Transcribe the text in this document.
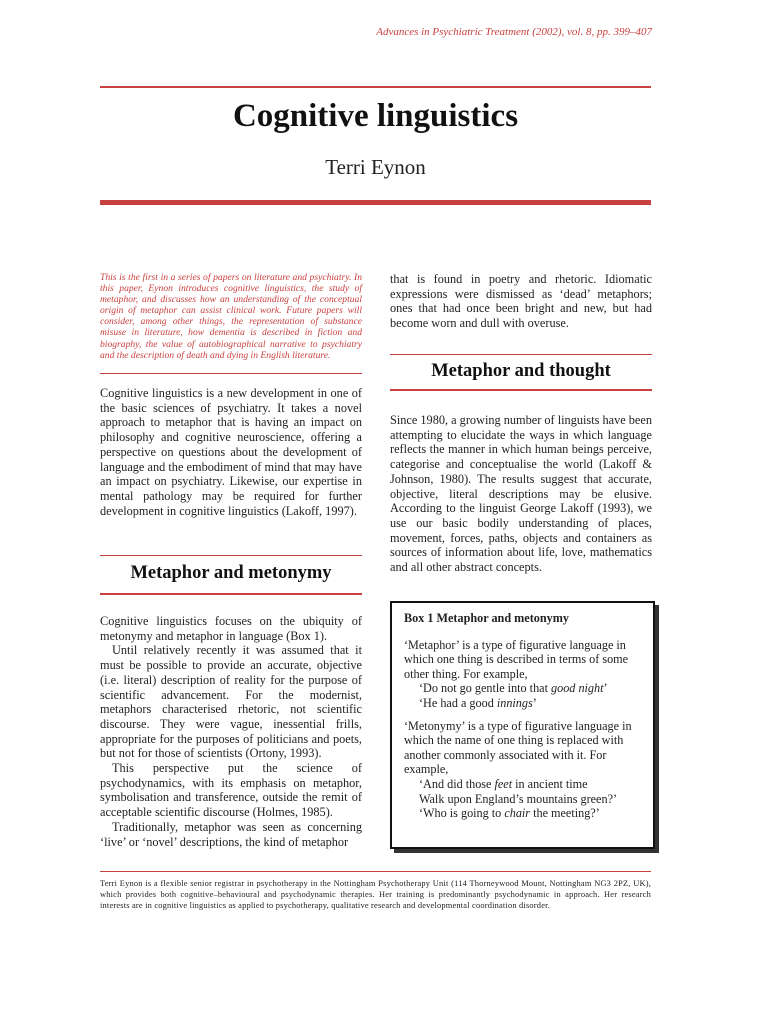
Advances in Psychiatric Treatment (2002), vol. 8, pp. 399–407
Cognitive linguistics
Terri Eynon
This is the first in a series of papers on literature and psychiatry. In this paper, Eynon introduces cognitive linguistics, the study of metaphor, and discusses how an understanding of the conceptual origin of metaphor can assist clinical work. Future papers will consider, among other things, the representation of substance misuse in literature, how dementia is described in fiction and biography, the value of autobiographical narrative to psychiatry and the description of death and dying in English literature.

Cognitive linguistics is a new development in one of the basic sciences of psychiatry. It takes a novel approach to metaphor that is having an impact on philosophy and cognitive neuroscience, offering a perspective on questions about the development of language and the embodiment of mind that may have an impact on psychiatry. Likewise, our expertise in mental pathology may be required for further development in cognitive linguistics (Lakoff, 1997).

Metaphor and metonymy

Cognitive linguistics focuses on the ubiquity of metonymy and metaphor in language (Box 1).

Until relatively recently it was assumed that it must be possible to provide an accurate, objective (i.e. literal) description of reality for the purpose of scientific advancement. For the modernist, metaphors characterised rhetoric, not scientific discourse. They were vague, inessential frills, appropriate for the purposes of politicians and poets, but not for those of scientists (Ortony, 1993).

This perspective put the science of psychodynamics, with its emphasis on metaphor, symbolisation and transference, outside the remit of acceptable scientific discourse (Holmes, 1985).

Traditionally, metaphor was seen as concerning ‘live’ or ‘novel’ descriptions, the kind of metaphor

that is found in poetry and rhetoric. Idiomatic expressions were dismissed as ‘dead’ metaphors; ones that had once been bright and new, but had become worn and dull with overuse.

Metaphor and thought

Since 1980, a growing number of linguists have been attempting to elucidate the ways in which language reflects the manner in which human beings perceive, categorise and conceptualise the world (Lakoff & Johnson, 1980). The results suggest that accurate, objective, literal descriptions may be elusive. According to the linguist George Lakoff (1993), we use our basic bodily understanding of places, movement, forces, paths, objects and containers as sources of information about life, love, mathematics and all other abstract concepts.

Box 1 Metaphor and metonymy

‘Metaphor’ is a type of figurative language in which one thing is described in terms of some other thing. For example,

‘Do not go gentle into that good night’

‘He had a good innings’

‘Metonymy’ is a type of figurative language in which the name of one thing is replaced with another commonly associated with it. For example,

‘And did those feet in ancient time

Walk upon England’s mountains green?’

‘Who is going to chair the meeting?’

Terri Eynon is a flexible senior registrar in psychotherapy in the Nottingham Psychotherapy Unit (114 Thorneywood Mount, Nottingham NG3 2PZ, UK), which provides both cognitive–behavioural and psychodynamic therapies. Her training is predominantly psychodynamic in approach. Her research interests are in cognitive linguistics as applied to psychotherapy, qualitative research and developmental coordination disorder.
